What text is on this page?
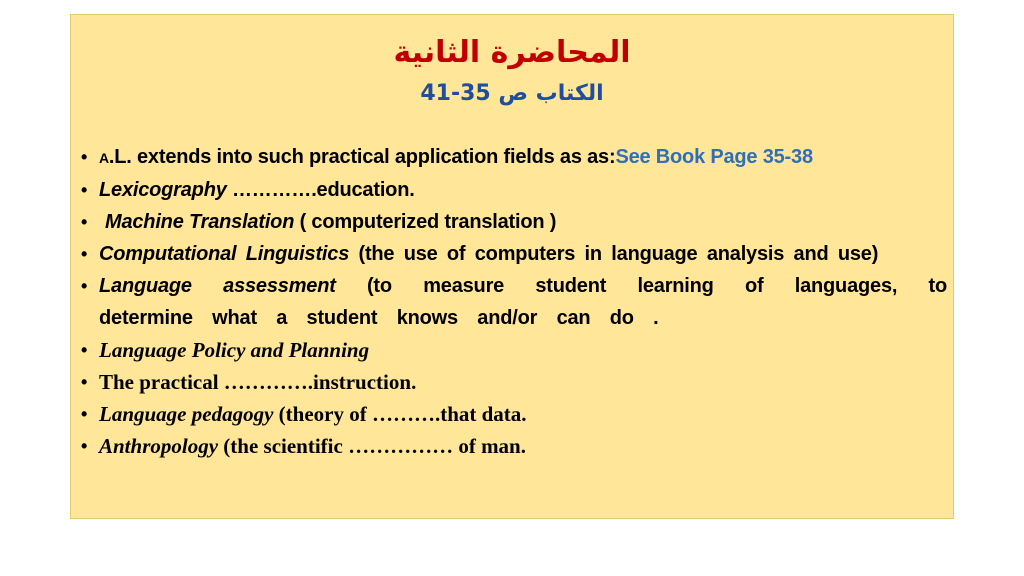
المحاضرة الثانية
41-35 الكتاب ص
• A.L. extends into such practical application fields as as:See Book Page 35-38
• Lexicography ………….education.
• Machine Translation ( computerized translation )
• Computational Linguistics (the use of computers in language analysis and use)
• Language assessment (to measure student learning of languages, to determine what a student knows and/or can do .
• Language Policy and Planning
• The practical ………….instruction.
• Language pedagogy (theory of ……….that data.
• Anthropology (the scientific …………… of man.
